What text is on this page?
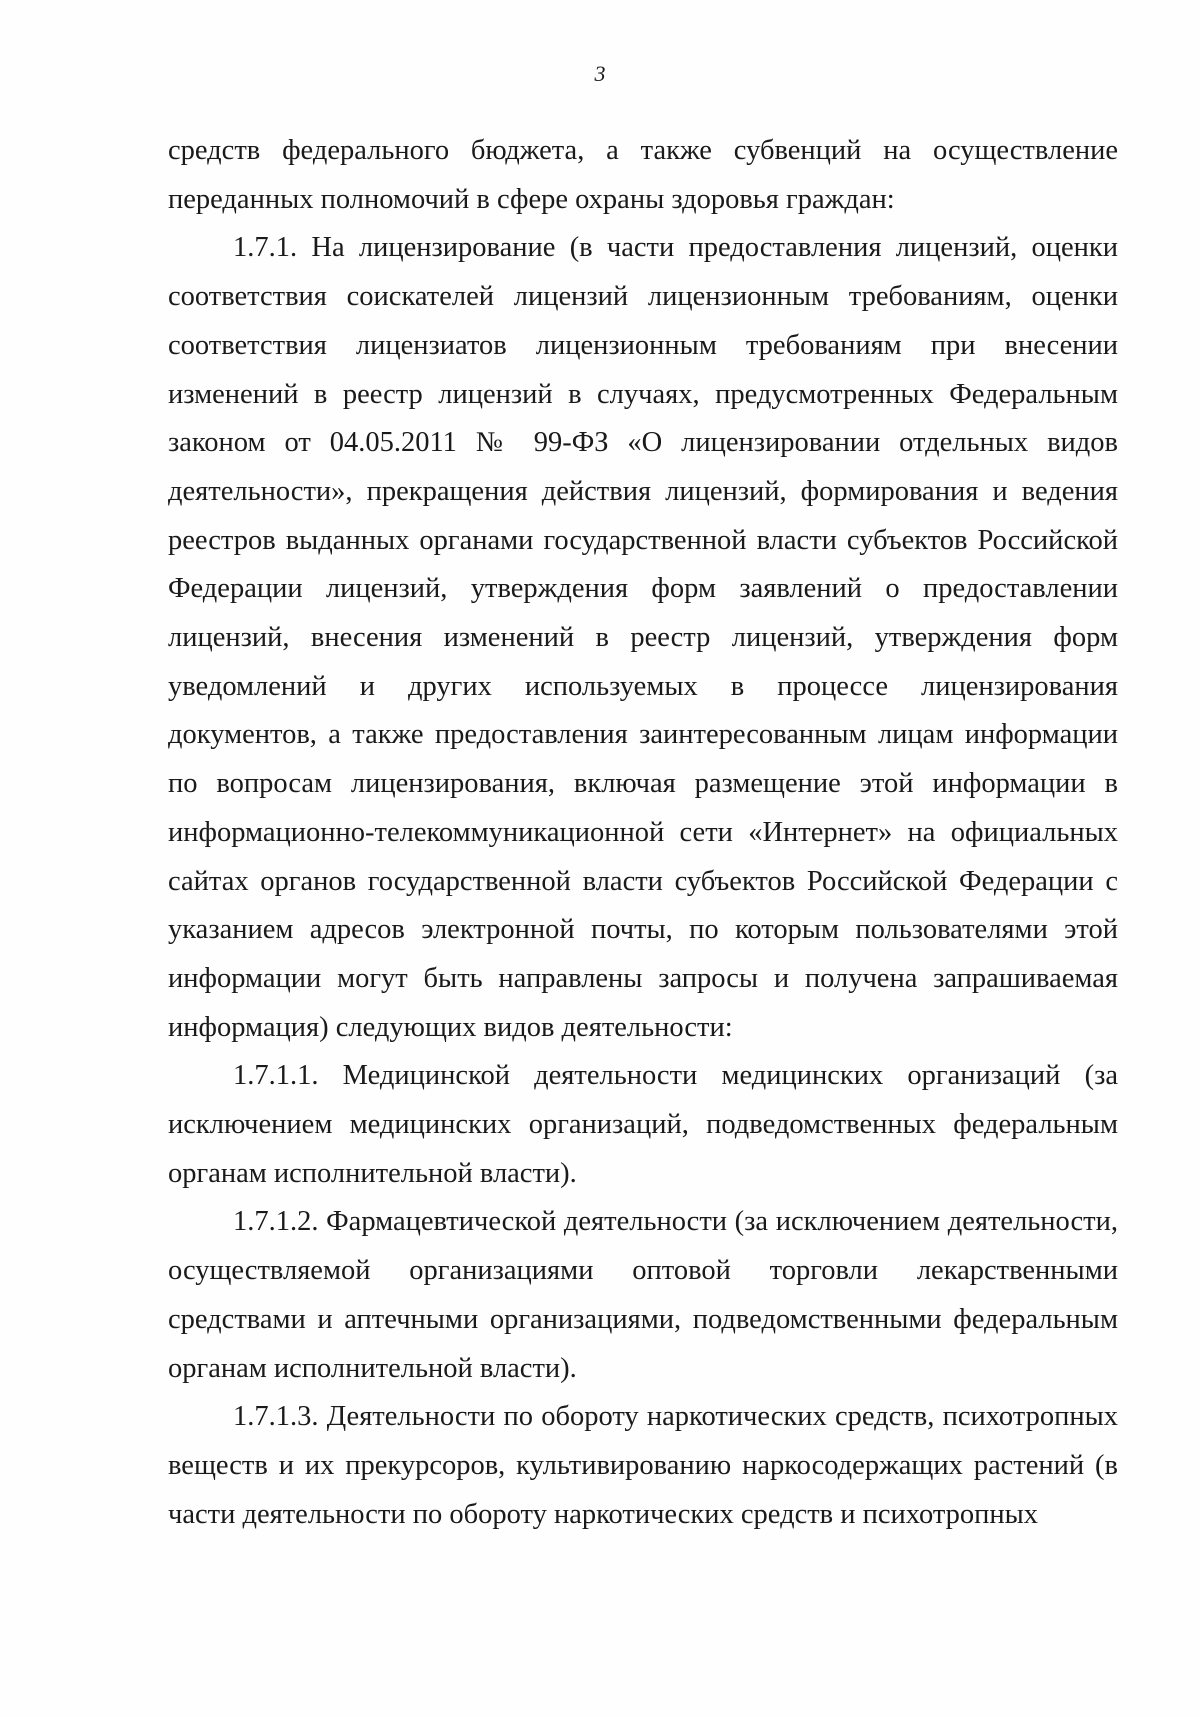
3

средств федерального бюджета, а также субвенций на осуществление переданных полномочий в сфере охраны здоровья граждан:

1.7.1. На лицензирование (в части предоставления лицензий, оценки соответствия соискателей лицензий лицензионным требованиям, оценки соответствия лицензиатов лицензионным требованиям при внесении изменений в реестр лицензий в случаях, предусмотренных Федеральным законом от 04.05.2011 № 99-ФЗ «О лицензировании отдельных видов деятельности», прекращения действия лицензий, формирования и ведения реестров выданных органами государственной власти субъектов Российской Федерации лицензий, утверждения форм заявлений о предоставлении лицензий, внесения изменений в реестр лицензий, утверждения форм уведомлений и других используемых в процессе лицензирования документов, а также предоставления заинтересованным лицам информации по вопросам лицензирования, включая размещение этой информации в информационно-телекоммуникационной сети «Интернет» на официальных сайтах органов государственной власти субъектов Российской Федерации с указанием адресов электронной почты, по которым пользователями этой информации могут быть направлены запросы и получена запрашиваемая информация) следующих видов деятельности:

1.7.1.1. Медицинской деятельности медицинских организаций (за исключением медицинских организаций, подведомственных федеральным органам исполнительной власти).

1.7.1.2. Фармацевтической деятельности (за исключением деятельности, осуществляемой организациями оптовой торговли лекарственными средствами и аптечными организациями, подведомственными федеральным органам исполнительной власти).

1.7.1.3. Деятельности по обороту наркотических средств, психотропных веществ и их прекурсоров, культивированию наркосодержащих растений (в части деятельности по обороту наркотических средств и психотропных
